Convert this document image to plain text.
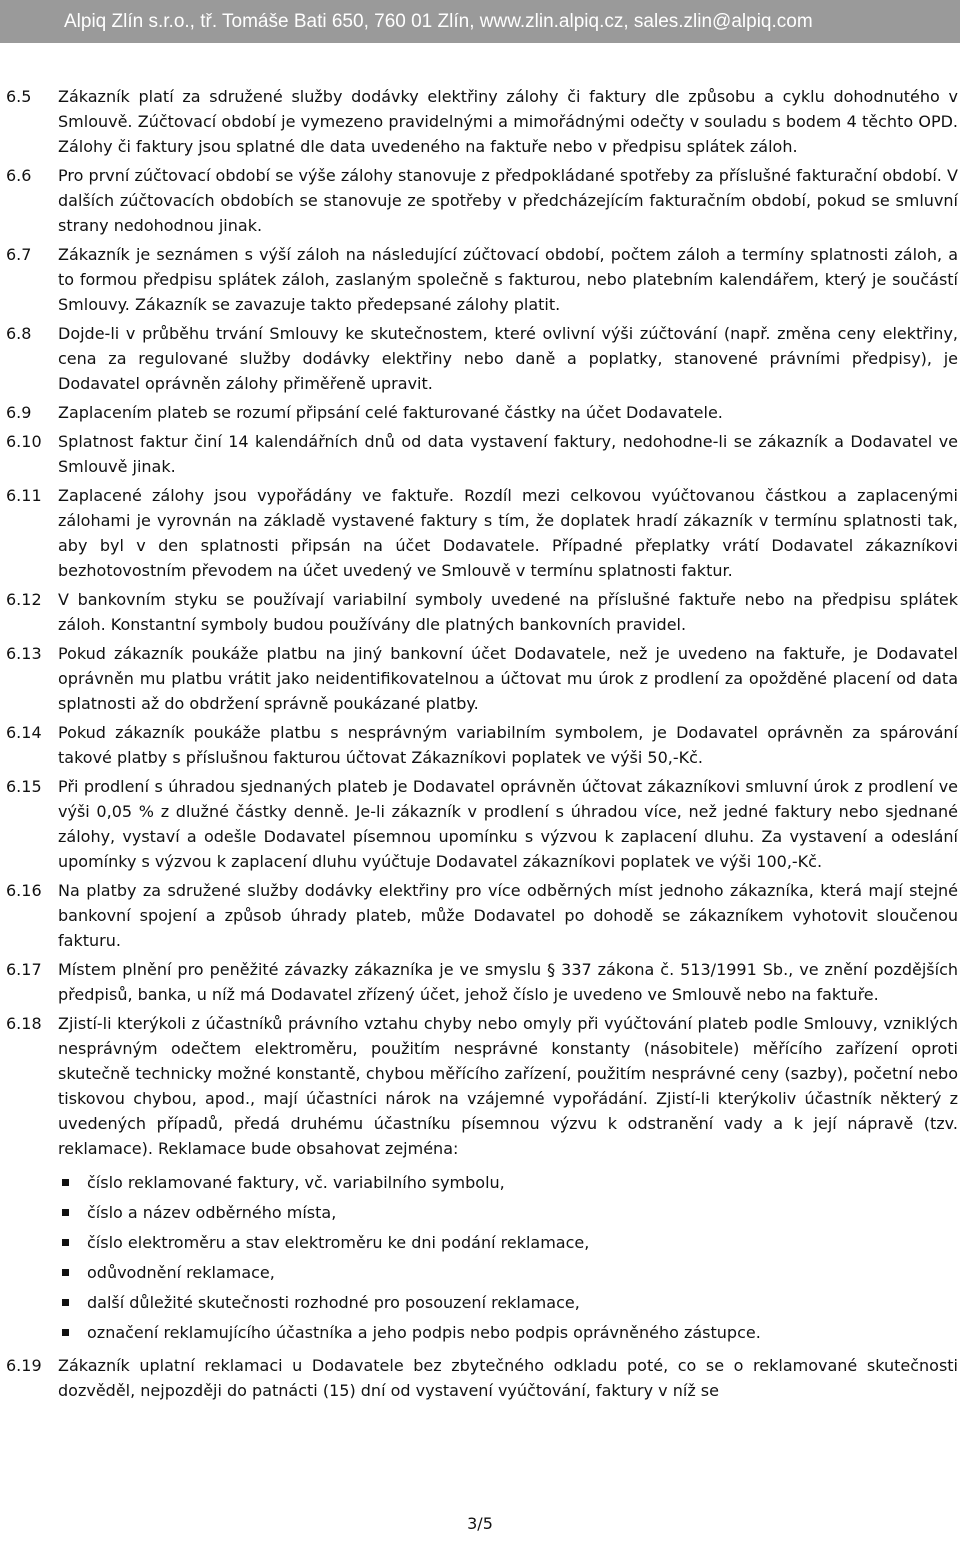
Alpiq Zlín s.r.o., tř. Tomáše Bati 650, 760 01 Zlín, www.zlin.alpiq.cz, sales.zlin@alpiq.com
6.5	Zákazník platí za sdružené služby dodávky elektřiny zálohy či faktury dle způsobu a cyklu dohodnutého v Smlouvě. Zúčtovací období je vymezeno pravidelnými a mimořádnými odečty v souladu s bodem 4 těchto OPD. Zálohy či faktury jsou splatné dle data uvedeného na faktuře nebo v předpisu splátek záloh.
6.6	Pro první zúčtovací období se výše zálohy stanovuje z předpokládané spotřeby za příslušné fakturační období. V dalších zúčtovacích obdobích se stanovuje ze spotřeby v předcházejícím fakturačním období, pokud se smluvní strany nedohodnou jinak.
6.7	Zákazník je seznámen s výší záloh na následující zúčtovací období, počtem záloh a termíny splatnosti záloh, a to formou předpisu splátek záloh, zaslaným společně s fakturou, nebo platebním kalendářem, který je součástí Smlouvy. Zákazník se zavazuje takto předepsané zálohy platit.
6.8	Dojde-li v průběhu trvání Smlouvy ke skutečnostem, které ovlivní výši zúčtování (např. změna ceny elektřiny, cena za regulované služby dodávky elektřiny nebo daně a poplatky, stanovené právními předpisy), je Dodavatel oprávněn zálohy přiměřeně upravit.
6.9	Zaplacením plateb se rozumí připsání celé fakturované částky na účet Dodavatele.
6.10	Splatnost faktur činí 14 kalendářních dnů od data vystavení faktury, nedohodne-li se zákazník a Dodavatel ve Smlouvě jinak.
6.11	Zaplacené zálohy jsou vypořádány ve faktuře. Rozdíl mezi celkovou vyúčtovanou částkou a zaplacenými zálohami je vyrovnán na základě vystavené faktury s tím, že doplatek hradí zákazník v termínu splatnosti tak, aby byl v den splatnosti připsán na účet Dodavatele. Případné přeplatky vrátí Dodavatel zákazníkovi bezhotovostním převodem na účet uvedený ve Smlouvě v termínu splatnosti faktur.
6.12	V bankovním styku se používají variabilní symboly uvedené na příslušné faktuře nebo na předpisu splátek záloh. Konstantní symboly budou používány dle platných bankovních pravidel.
6.13	Pokud zákazník poukáže platbu na jiný bankovní účet Dodavatele, než je uvedeno na faktuře, je Dodavatel oprávněn mu platbu vrátit jako neidentifikovatelnou a účtovat mu úrok z prodlení za opožděné placení od data splatnosti až do obdržení správně poukázané platby.
6.14	Pokud zákazník poukáže platbu s nesprávným variabilním symbolem, je Dodavatel oprávněn za spárování takové platby s příslušnou fakturou účtovat Zákazníkovi poplatek ve výši 50,-Kč.
6.15	Při prodlení s úhradou sjednaných plateb je Dodavatel oprávněn účtovat zákazníkovi smluvní úrok z prodlení ve výši 0,05 % z dlužné částky denně. Je-li zákazník v prodlení s úhradou více, než jedné faktury nebo sjednané zálohy, vystaví a odešle Dodavatel písemnou upomínku s výzvou k zaplacení dluhu. Za vystavení a odeslání upomínky s výzvou k zaplacení dluhu vyúčtuje Dodavatel zákazníkovi poplatek ve výši 100,-Kč.
6.16	Na platby za sdružené služby dodávky elektřiny pro více odběrných míst jednoho zákazníka, která mají stejné bankovní spojení a způsob úhrady plateb, může Dodavatel po dohodě se zákazníkem vyhotovit sloučenou fakturu.
6.17	Místem plnění pro peněžité závazky zákazníka je ve smyslu § 337 zákona č. 513/1991 Sb., ve znění pozdějších předpisů, banka, u níž má Dodavatel zřízený účet, jehož číslo je uvedeno ve Smlouvě nebo na faktuře.
6.18	Zjistí-li kterýkoli z účastníků právního vztahu chyby nebo omyly při vyúčtování plateb podle Smlouvy, vzniklých nesprávným odečtem elektroměru, použitím nesprávné konstanty (násobitele) měřícího zařízení oproti skutečně technicky možné konstantě, chybou měřícího zařízení, použitím nesprávné ceny (sazby), početní nebo tiskovou chybou, apod., mají účastníci nárok na vzájemné vypořádání. Zjistí-li kterýkoliv účastník některý z uvedených případů, předá druhému účastníku písemnou výzvu k odstranění vady a k její nápravě (tzv. reklamace). Reklamace bude obsahovat zejména:
číslo reklamované faktury, vč. variabilního symbolu,
číslo a název odběrného místa,
číslo elektroměru a stav elektroměru ke dni podání reklamace,
odůvodnění reklamace,
další důležité skutečnosti rozhodné pro posouzení reklamace,
označení reklamujícího účastníka a jeho podpis nebo podpis oprávněného zástupce.
6.19	Zákazník uplatní reklamaci u Dodavatele bez zbytečného odkladu poté, co se o reklamované skutečnosti dozvěděl, nejpozději do patnácti (15) dní od vystavení vyúčtování, faktury v níž se
3/5
